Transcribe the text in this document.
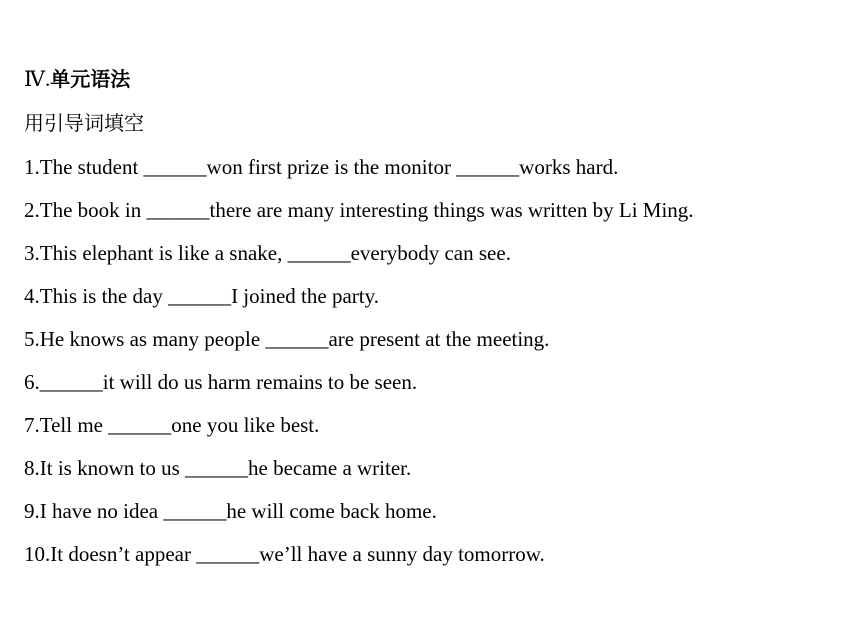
Ⅳ.单元语法
用引导词填空
1.The student ______won first prize is the monitor ______works hard.
2.The book in ______there are many interesting things was written by Li Ming.
3.This elephant is like a snake, ______everybody can see.
4.This is the day ______I joined the party.
5.He knows as many people ______are present at the meeting.
6.______it will do us harm remains to be seen.
7.Tell me ______one you like best.
8.It is known to us ______he became a writer.
9.I have no idea ______he will come back home.
10.It doesn’t appear ______we’ll have a sunny day tomorrow.
